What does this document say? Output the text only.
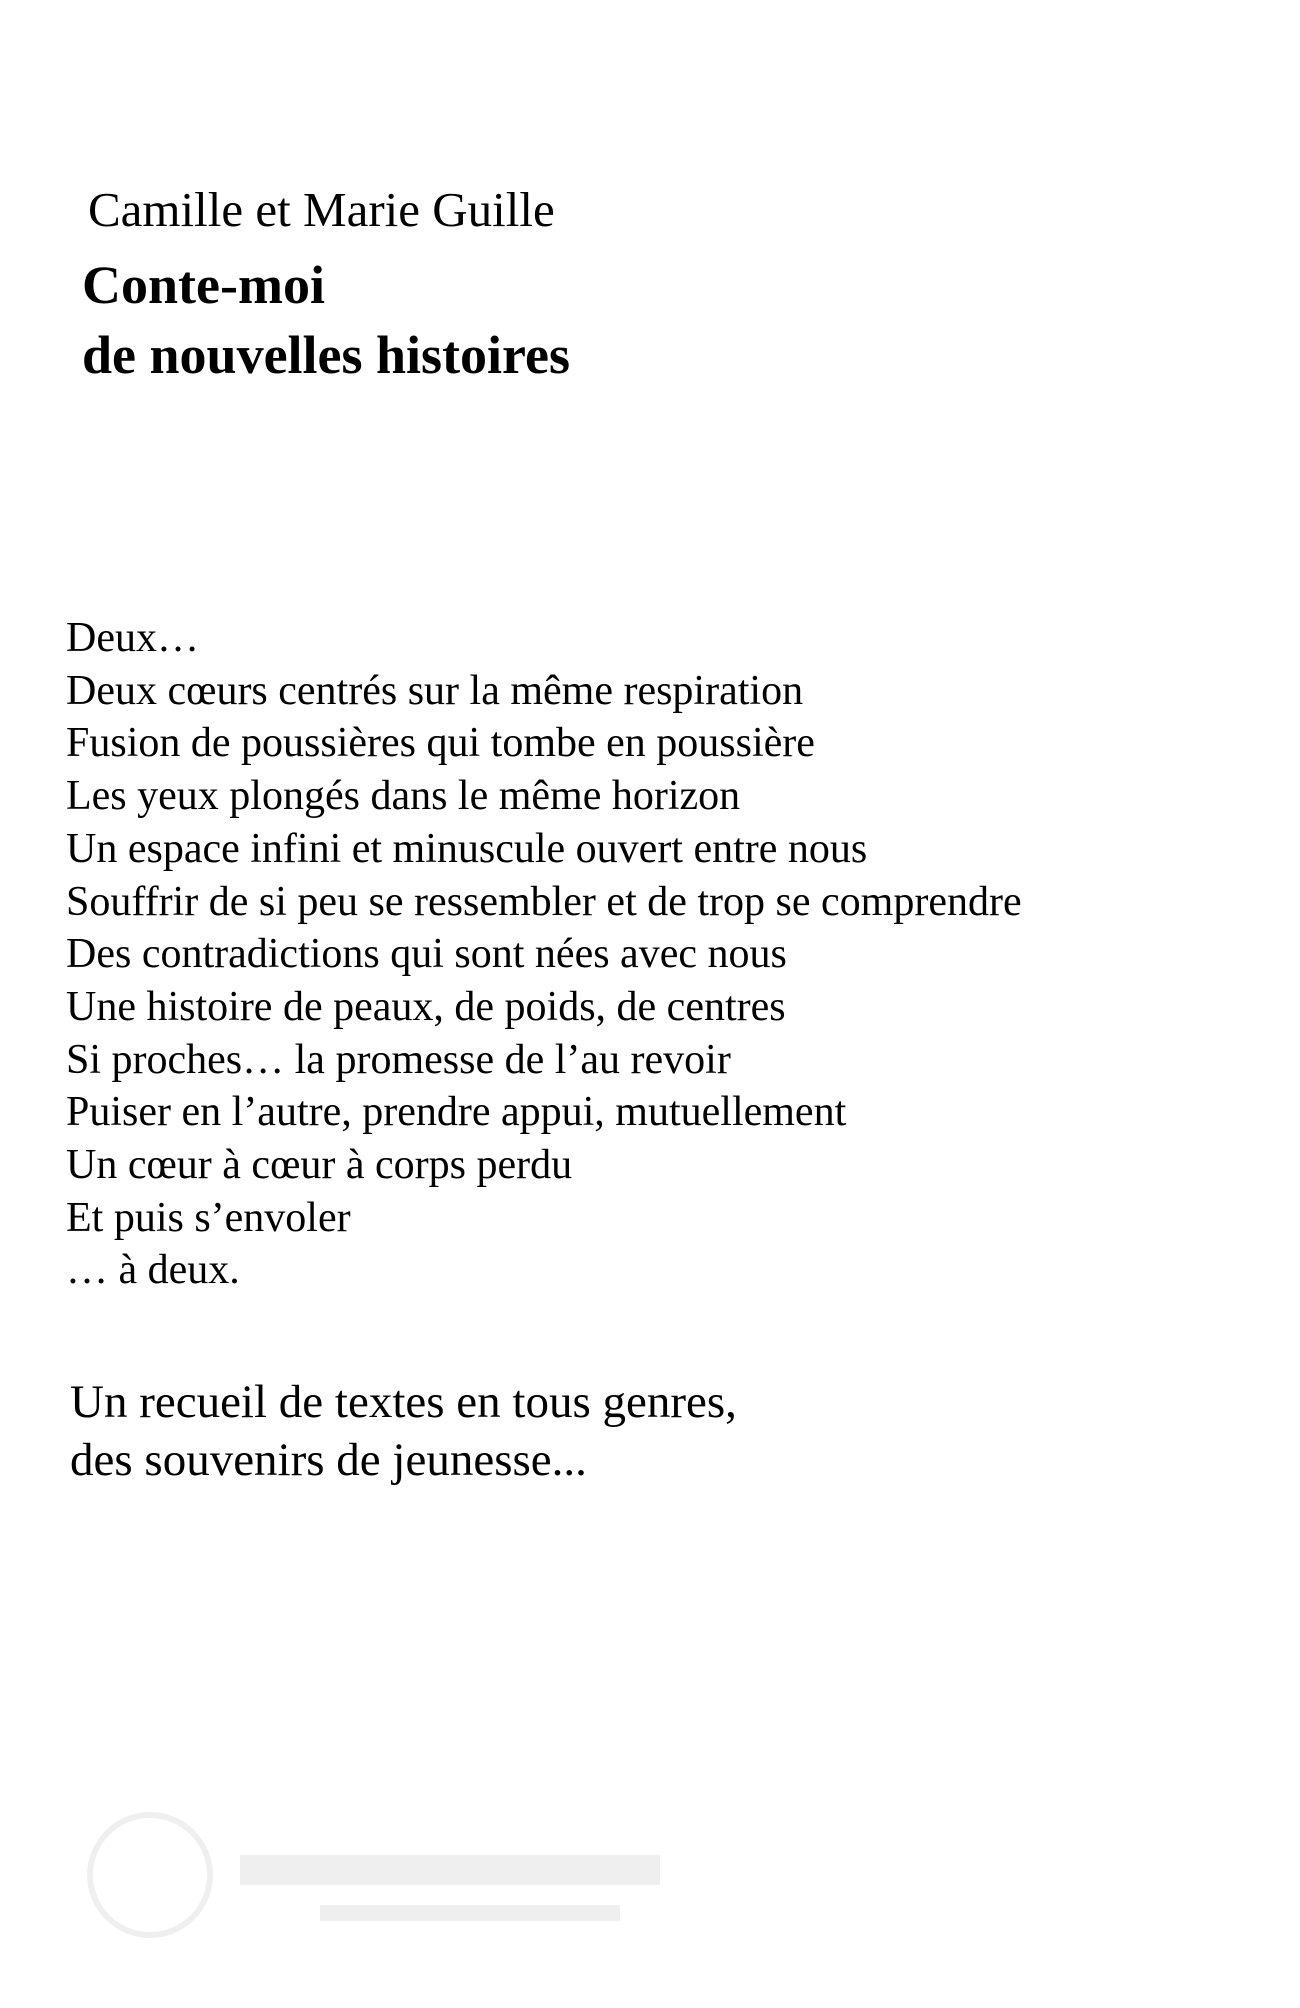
Camille et Marie Guille
Conte-moi
de nouvelles histoires
Deux…
Deux cœurs centrés sur la même respiration
Fusion de poussières qui tombe en poussière
Les yeux plongés dans le même horizon
Un espace infini et minuscule ouvert entre nous
Souffrir de si peu se ressembler et de trop se comprendre
Des contradictions qui sont nées avec nous
Une histoire de peaux, de poids, de centres
Si proches… la promesse de l’au revoir
Puiser en l’autre, prendre appui, mutuellement
Un cœur à cœur à corps perdu
Et puis s’envoler
… à deux.
Un recueil de textes en tous genres,
des souvenirs de jeunesse...
